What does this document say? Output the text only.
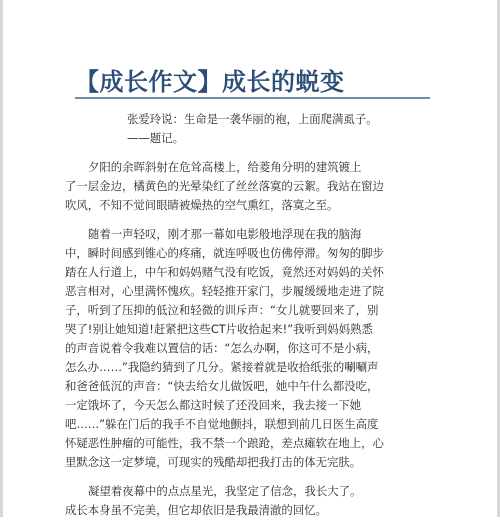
【成长作文】成长的蜕变
张爱玲说：生命是一袭华丽的袍，上面爬满虱子。
——题记。
夕阳的余晖斜射在危耸高楼上，给菱角分明的建筑镀上
了一层金边，橘黄色的光晕染红了丝丝落寞的云絮。我站在窗边
吹风，不知不觉间眼睛被燥热的空气熏红，落寞之至。
随着一声轻叹，刚才那一幕如电影般地浮现在我的脑海
中，瞬时间感到锥心的疼痛，就连呼吸也仿佛停滞。匆匆的脚步
踏在人行道上，中午和妈妈赌气没有吃饭，竟然还对妈妈的关怀
恶言相对，心里满怀愧疚。轻轻推开家门，步履缓缓地走进了院
子，听到了压抑的低泣和轻微的训斥声：“女儿就要回来了，别
哭了!别让她知道!赶紧把这些CT片收拾起来!”我听到妈妈熟悉
的声音说着令我难以置信的话：“怎么办啊，你这可不是小病，
怎么办……”我隐约猜到了几分。紧接着就是收拾纸张的唰唰声
和爸爸低沉的声音：“快去给女儿做饭吧，她中午什么都没吃，
一定饿坏了，今天怎么都这时候了还没回来，我去接一下她
吧……”躲在门后的我手不自觉地颤抖，联想到前几日医生高度
怀疑恶性肿瘤的可能性，我不禁一个踉跄，差点瘫软在地上，心
里默念这一定梦境，可现实的残酷却把我打击的体无完肤。
凝望着夜幕中的点点星光，我坚定了信念，我长大了。
成长本身虽不完美，但它却依旧是我最清澈的回忆。
